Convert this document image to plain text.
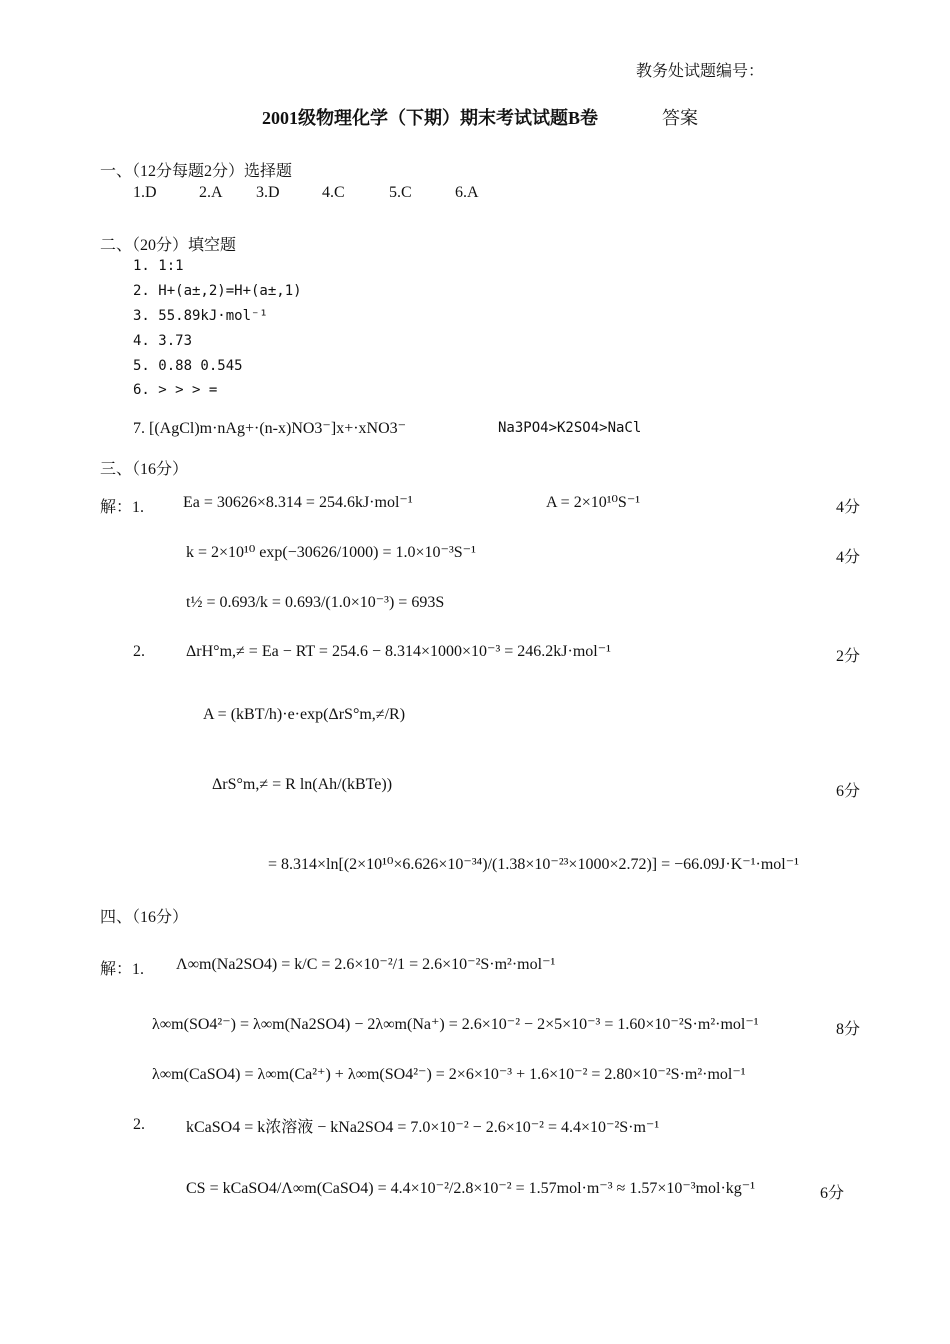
教务处试题编号：
2001级物理化学（下期）期末考试试题B卷	答案
一、（12分每题2分）选择题
1.D	2.A 3.D	4.C	5.C	6.A
二、（20分）填空题
1. 1:1
2. H+(a±,2)=H+(a±,1)
3. 55.89kJ·mol⁻¹
4. 3.73
5. 0.88 0.545
6. > > > =
7. [(AgCl)m·nAg+·(n-x)NO3⁻]x+·xNO3⁻	Na3PO4>K2SO4>NaCl
三、（16分）
解：1. Ea = 30626×8.314 = 254.6kJ·mol⁻¹	A = 2×10¹⁰S⁻¹	4分
k = 2×10¹⁰ exp(−30626/1000) = 1.0×10⁻³S⁻¹	4分
t½ = 0.693/k = 0.693/(1.0×10⁻³) = 693S
2.	ΔrH°m,≠ = Ea − RT = 254.6 − 8.314×1000×10⁻³ = 246.2kJ·mol⁻¹	2分
A = (kBT/h)·e·exp(ΔrS°m,≠/R)
ΔrS°m,≠ = R ln(Ah/(kBTe))	6分
= 8.314×ln[(2×10¹⁰×6.626×10⁻³⁴)/(1.38×10⁻²³×1000×2.72)] = −66.09J·K⁻¹·mol⁻¹
四、（16分）
解：1. Λ∞m(Na2SO4) = k/C = 2.6×10⁻²/1 = 2.6×10⁻²S·m²·mol⁻¹
λ∞m(SO4²⁻) = λ∞m(Na2SO4) − 2λ∞m(Na⁺) = 2.6×10⁻² − 2×5×10⁻³ = 1.60×10⁻²S·m²·mol⁻¹	8分
λ∞m(CaSO4) = λ∞m(Ca²⁺) + λ∞m(SO4²⁻) = 2×6×10⁻³ + 1.6×10⁻² = 2.80×10⁻²S·m²·mol⁻¹
2.	kCaSO4 = k浓溶液 − kNa2SO4 = 7.0×10⁻² − 2.6×10⁻² = 4.4×10⁻²S·m⁻¹
CS = kCaSO4/Λ∞m(CaSO4) = 4.4×10⁻²/2.8×10⁻² = 1.57mol·m⁻³ ≈ 1.57×10⁻³mol·kg⁻¹	6分
